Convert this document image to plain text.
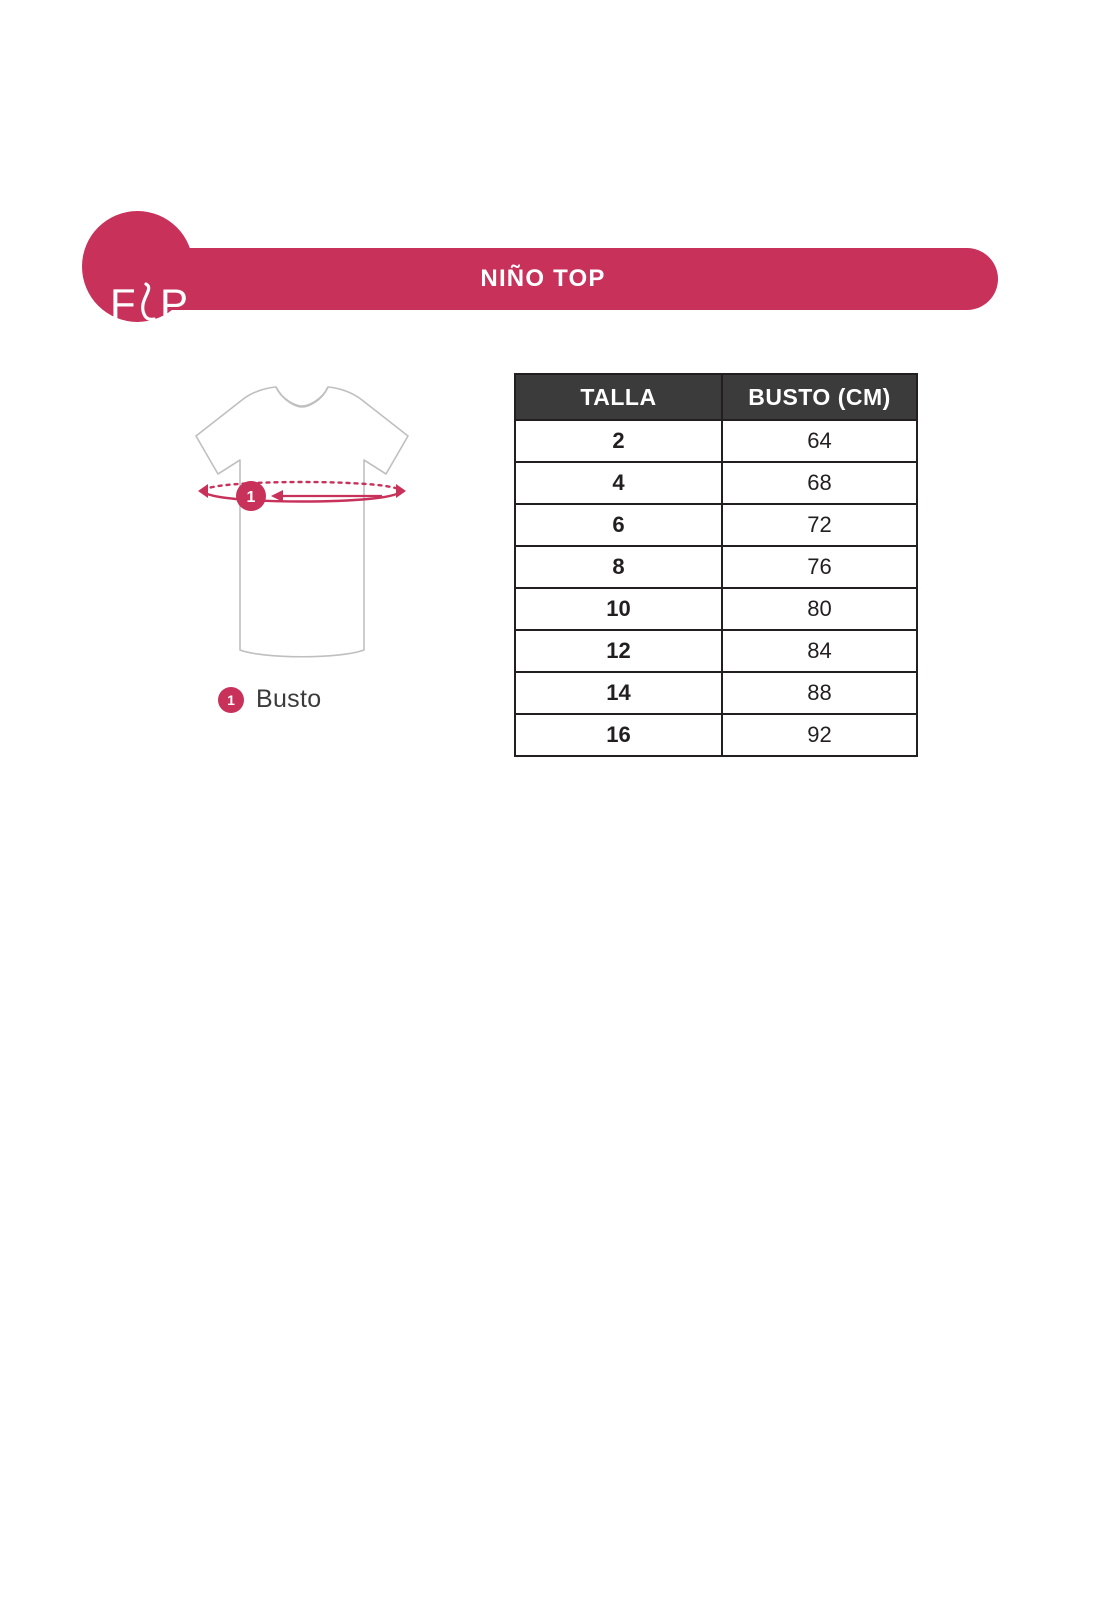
NIÑO TOP
F P
1
1 Busto
TALLA	BUSTO (CM)
2	64
4	68
6	72
8	76
10	80
12	84
14	88
16	92
